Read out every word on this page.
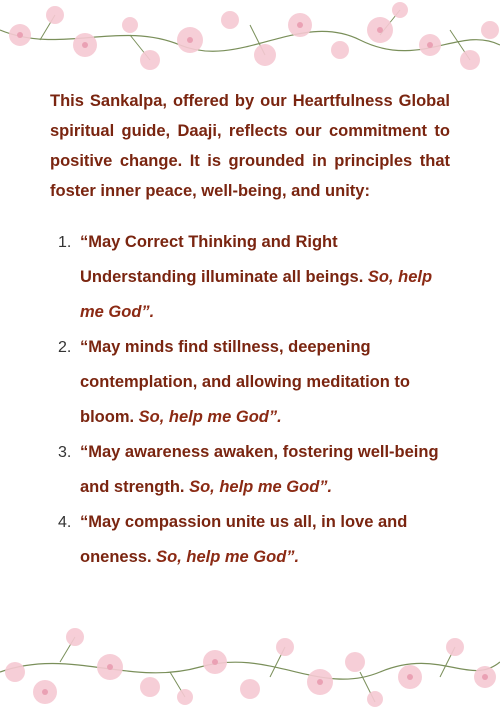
This Sankalpa, offered by our Heartfulness Global spiritual guide, Daaji, reflects our commitment to positive change. It is grounded in principles that foster inner peace, well-being, and unity:

1. “May Correct Thinking and Right Understanding illuminate all beings. So, help me God”.
2. “May minds find stillness, deepening contemplation, and allowing meditation to bloom. So, help me God”.
3. “May awareness awaken, fostering well-being and strength. So, help me God”.
4. “May compassion unite us all, in love and oneness. So, help me God”.
